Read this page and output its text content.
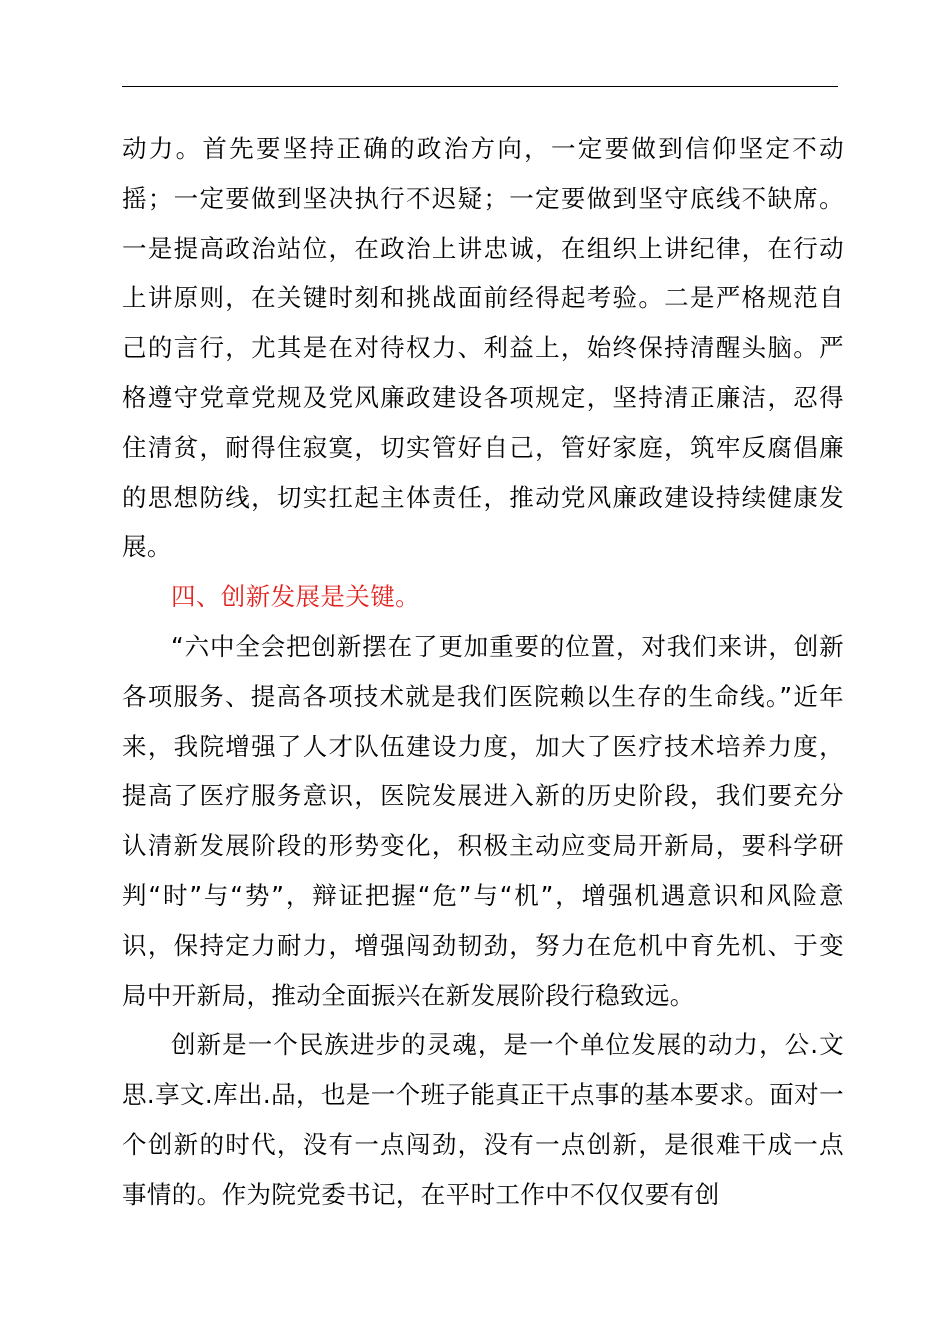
动力。首先要坚持正确的政治方向，一定要做到信仰坚定不动摇；一定要做到坚决执行不迟疑；一定要做到坚守底线不缺席。一是提高政治站位，在政治上讲忠诚，在组织上讲纪律，在行动上讲原则，在关键时刻和挑战面前经得起考验。二是严格规范自己的言行，尤其是在对待权力、利益上，始终保持清醒头脑。严格遵守党章党规及党风廉政建设各项规定，坚持清正廉洁，忍得住清贫，耐得住寂寞，切实管好自己，管好家庭，筑牢反腐倡廉的思想防线，切实扛起主体责任，推动党风廉政建设持续健康发展。

四、创新发展是关键。

“六中全会把创新摆在了更加重要的位置，对我们来讲，创新各项服务、提高各项技术就是我们医院赖以生存的生命线。”近年来，我院增强了人才队伍建设力度，加大了医疗技术培养力度，提高了医疗服务意识，医院发展进入新的历史阶段，我们要充分认清新发展阶段的形势变化，积极主动应变局开新局，要科学研判“时”与“势”，辩证把握“危”与“机”，增强机遇意识和风险意识，保持定力耐力，增强闯劲韧劲，努力在危机中育先机、于变局中开新局，推动全面振兴在新发展阶段行稳致远。

创新是一个民族进步的灵魂，是一个单位发展的动力，公.文思.享文.库出.品，也是一个班子能真正干点事的基本要求。面对一个创新的时代，没有一点闯劲，没有一点创新，是很难干成一点事情的。作为院党委书记，在平时工作中不仅仅要有创
